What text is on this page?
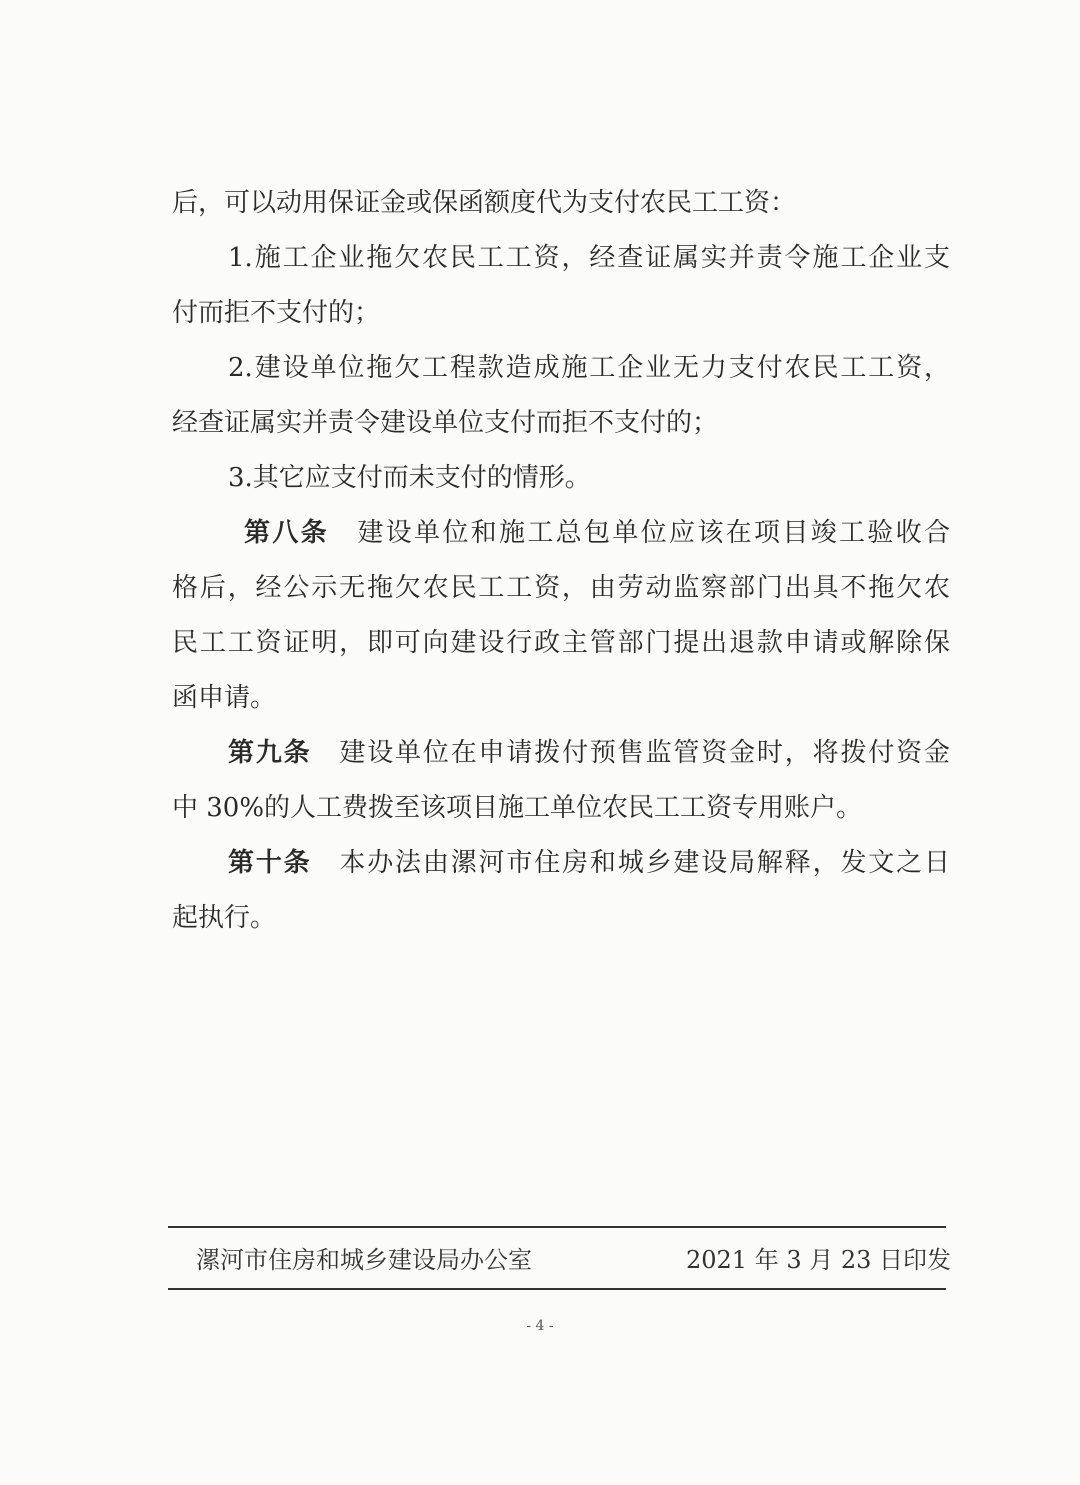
后，可以动用保证金或保函额度代为支付农民工工资：
1.施工企业拖欠农民工工资，经查证属实并责令施工企业支
付而拒不支付的；
2.建设单位拖欠工程款造成施工企业无力支付农民工工资，
经查证属实并责令建设单位支付而拒不支付的；
3.其它应支付而未支付的情形。
第八条　 建设单位和施工总包单位应该在项目竣工验收合
格后，经公示无拖欠农民工工资，由劳动监察部门出具不拖欠农
民工工资证明，即可向建设行政主管部门提出退款申请或解除保
函申请。
第九条　 建设单位在申请拨付预售监管资金时，将拨付资金
中 30%的人工费拨至该项目施工单位农民工工资专用账户。
第十条　 本办法由漯河市住房和城乡建设局解释，发文之日
起执行。
漯河市住房和城乡建设局办公室	2021 年 3 月 23 日印发
- 4 -
